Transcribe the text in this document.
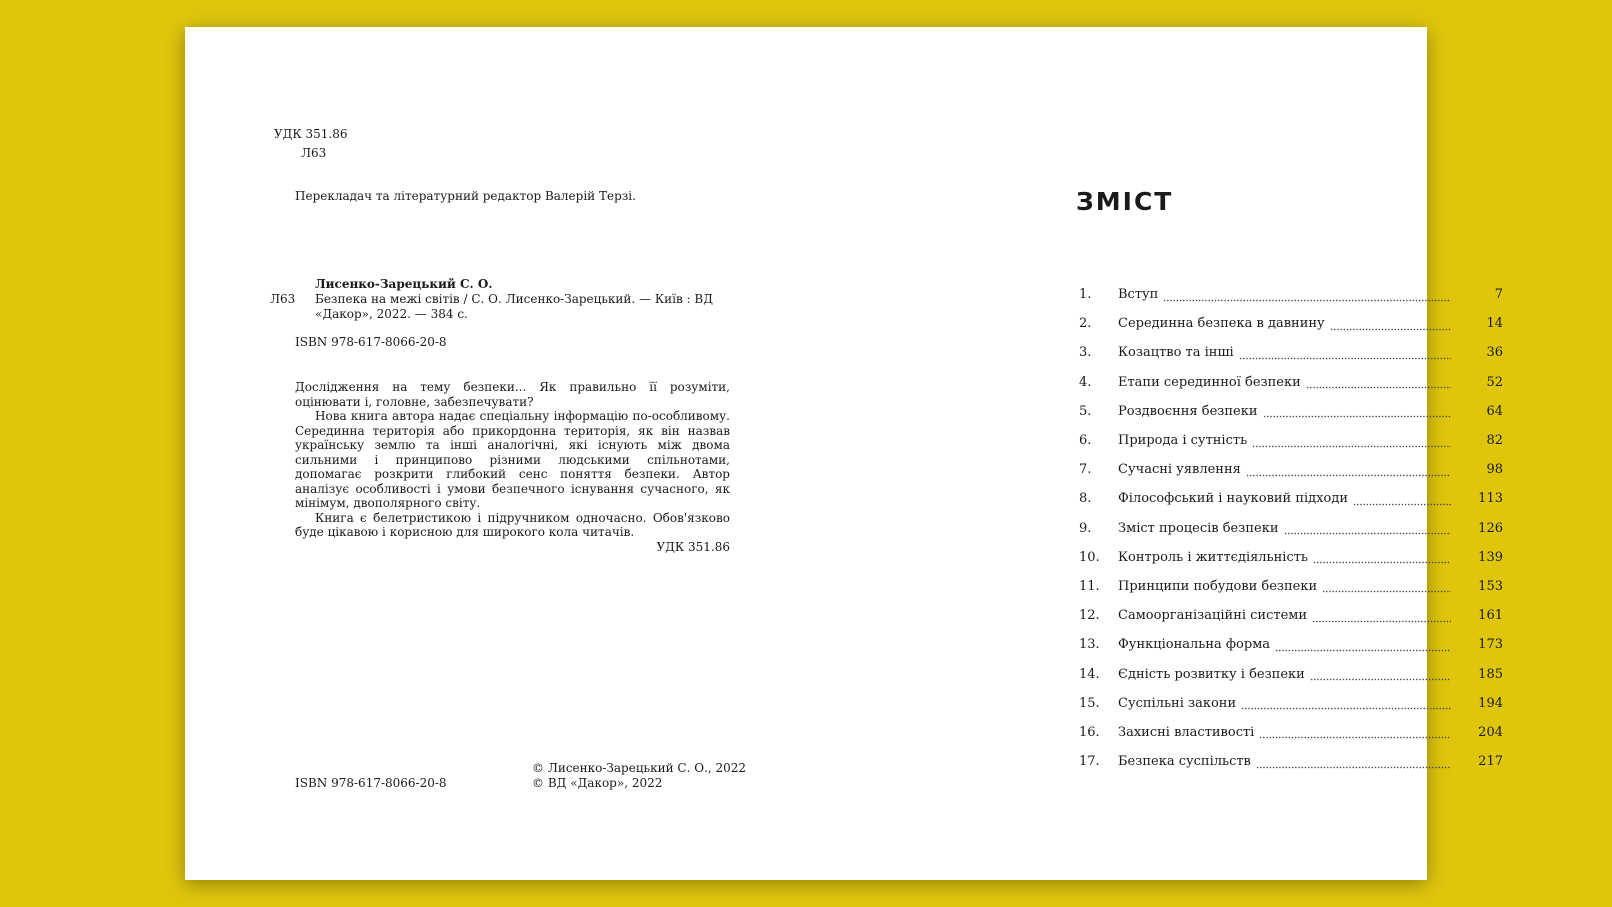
УДК 351.86
Л63
Перекладач та літературний редактор Валерій Терзі.
Лисенко-Зарецький С. О.
Л63 Безпека на межі світів / С. О. Лисенко-Зарецький. — Київ : ВД «Дакор», 2022. — 384 с.
ISBN 978-617-8066-20-8

Дослідження на тему безпеки... Як правильно її розуміти, оцінювати і, головне, забезпечувати?

Нова книга автора надає спеціальну інформацію по-особливому. Серединна територія або прикордонна територія, як він назвав українську землю та інші аналогічні, які існують між двома сильними і принципово різними людськими спільнотами, допомагає розкрити глибокий сенс поняття безпеки. Автор аналізує особливості і умови безпечного існування сучасного, як мінімум, двополярного світу.

Книга є белетристикою і підручником одночасно. Обов'язково буде цікавою і корисною для широкого кола читачів.

УДК 351.86
ISBN 978-617-8066-20-8
© Лисенко-Зарецький С. О., 2022
© ВД «Дакор», 2022
ЗМІСТ
1.	Вступ	7
2.	Серединна безпека в давнину	14
3.	Козацтво та інші	36
4.	Етапи серединної безпеки	52
5.	Роздвоєння безпеки	64
6.	Природа і сутність	82
7.	Сучасні уявлення	98
8.	Філософський і науковий підходи	113
9.	Зміст процесів безпеки	126
10.	Контроль і життєдіяльність	139
11.	Принципи побудови безпеки	153
12.	Самоорганізаційні системи	161
13.	Функціональна форма	173
14.	Єдність розвитку і безпеки	185
15.	Суспільні закони	194
16.	Захисні властивості	204
17.	Безпека суспільств	217
